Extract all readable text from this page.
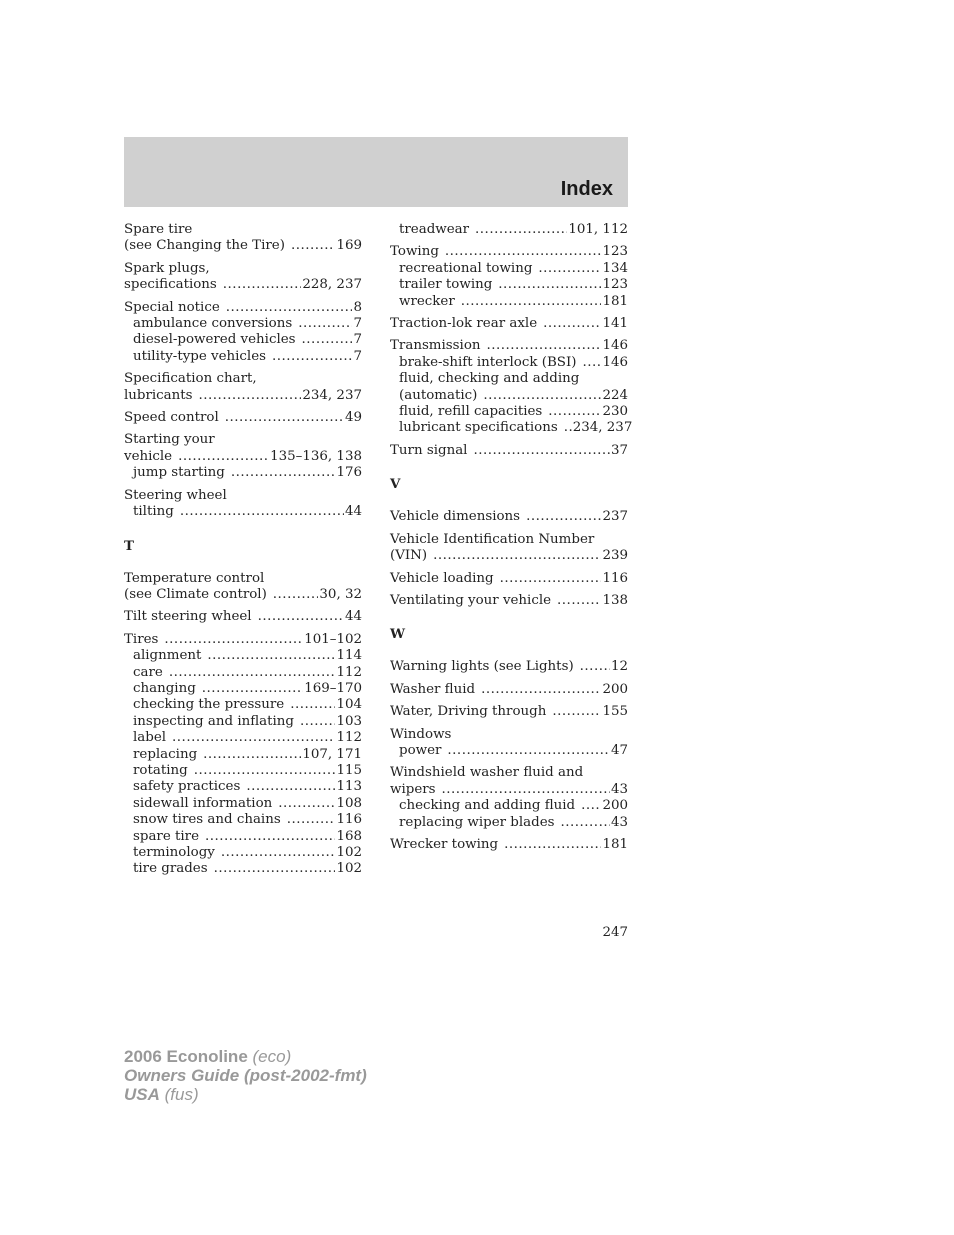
Index
Spare tire
(see Changing the Tire) .....	169
Spark plugs,
specifications .....	228, 237
Special notice .....	8
ambulance conversions .....	7
diesel-powered vehicles .....	7
utility-type vehicles .....	7
Specification chart,
lubricants .....	234, 237
Speed control .....	49
Starting your
vehicle .....	135–136, 138
jump starting .....	176
Steering wheel
tilting .....	44
T
Temperature control
(see Climate control) .....	30, 32
Tilt steering wheel .....	44
Tires .....	101–102
alignment .....	114
care .....	112
changing .....	169–170
checking the pressure .....	104
inspecting and inflating .....	103
label .....	112
replacing .....	107, 171
rotating .....	115
safety practices .....	113
sidewall information .....	108
snow tires and chains .....	116
spare tire .....	168
terminology .....	102
tire grades .....	102
treadwear .....	101, 112
Towing .....	123
recreational towing .....	134
trailer towing .....	123
wrecker .....	181
Traction-lok rear axle .....	141
Transmission .....	146
brake-shift interlock (BSI) ..... 146
fluid, checking and adding
(automatic) .....	224
fluid, refill capacities .....	230
lubricant specifications ..... 234, 237
Turn signal .....	37
V
Vehicle dimensions .....	237
Vehicle Identification Number
(VIN) .....	239
Vehicle loading .....	116
Ventilating your vehicle .....	138
W
Warning lights (see Lights) .....	12
Washer fluid .....	200
Water, Driving through .....	155
Windows
power .....	47
Windshield washer fluid and
wipers .....	43
checking and adding fluid ..... 200
replacing wiper blades .....	43
Wrecker towing .....	181
247
2006 Econoline (eco)
Owners Guide (post-2002-fmt)
USA (fus)
